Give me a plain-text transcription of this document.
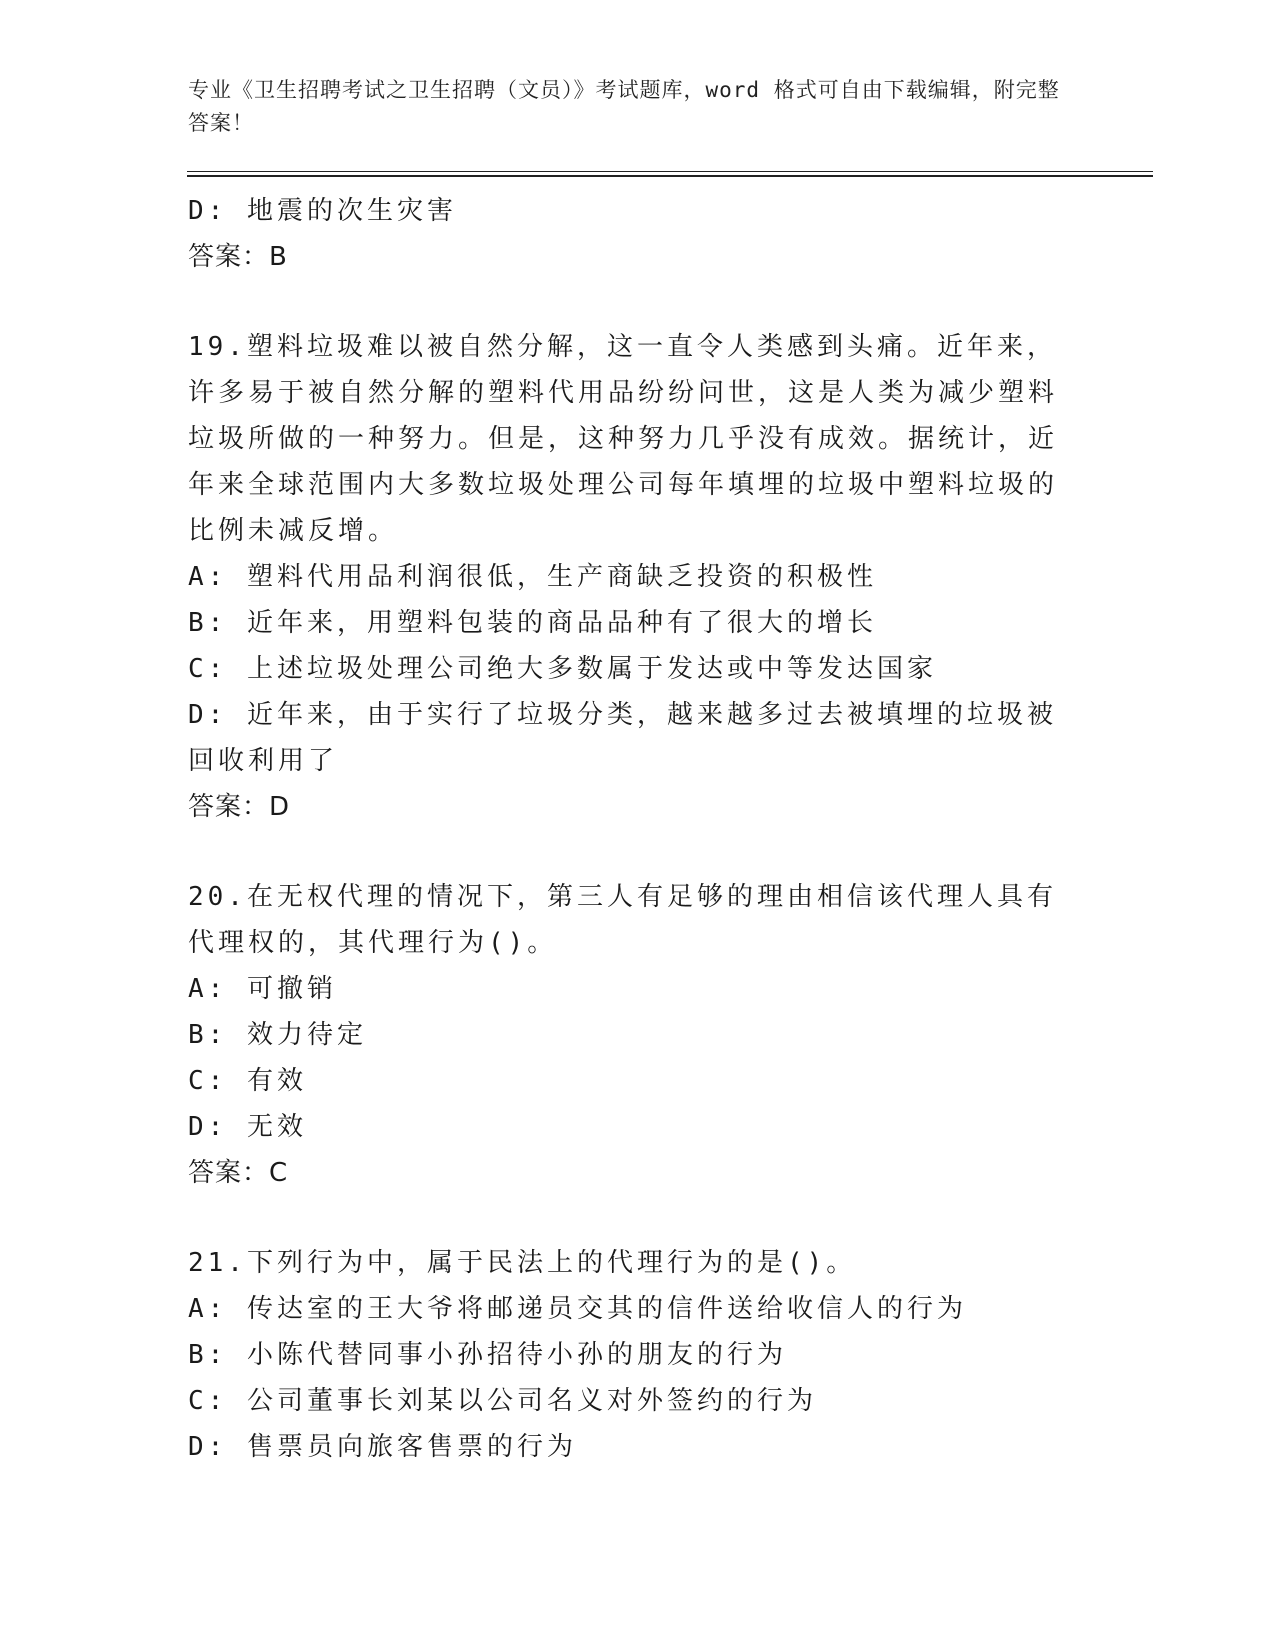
专业《卫生招聘考试之卫生招聘（文员）》考试题库，word 格式可自由下载编辑，附完整答案！
D: 地震的次生灾害
答案：B
19.塑料垃圾难以被自然分解，这一直令人类感到头痛。近年来，许多易于被自然分解的塑料代用品纷纷问世，这是人类为减少塑料垃圾所做的一种努力。但是，这种努力几乎没有成效。据统计，近年来全球范围内大多数垃圾处理公司每年填埋的垃圾中塑料垃圾的比例未减反增。
A: 塑料代用品利润很低，生产商缺乏投资的积极性
B: 近年来，用塑料包装的商品品种有了很大的增长
C: 上述垃圾处理公司绝大多数属于发达或中等发达国家
D: 近年来，由于实行了垃圾分类，越来越多过去被填埋的垃圾被回收利用了
答案：D
20.在无权代理的情况下，第三人有足够的理由相信该代理人具有代理权的，其代理行为()。
A: 可撤销
B: 效力待定
C: 有效
D: 无效
答案：C
21.下列行为中，属于民法上的代理行为的是()。
A: 传达室的王大爷将邮递员交其的信件送给收信人的行为
B: 小陈代替同事小孙招待小孙的朋友的行为
C: 公司董事长刘某以公司名义对外签约的行为
D: 售票员向旅客售票的行为
